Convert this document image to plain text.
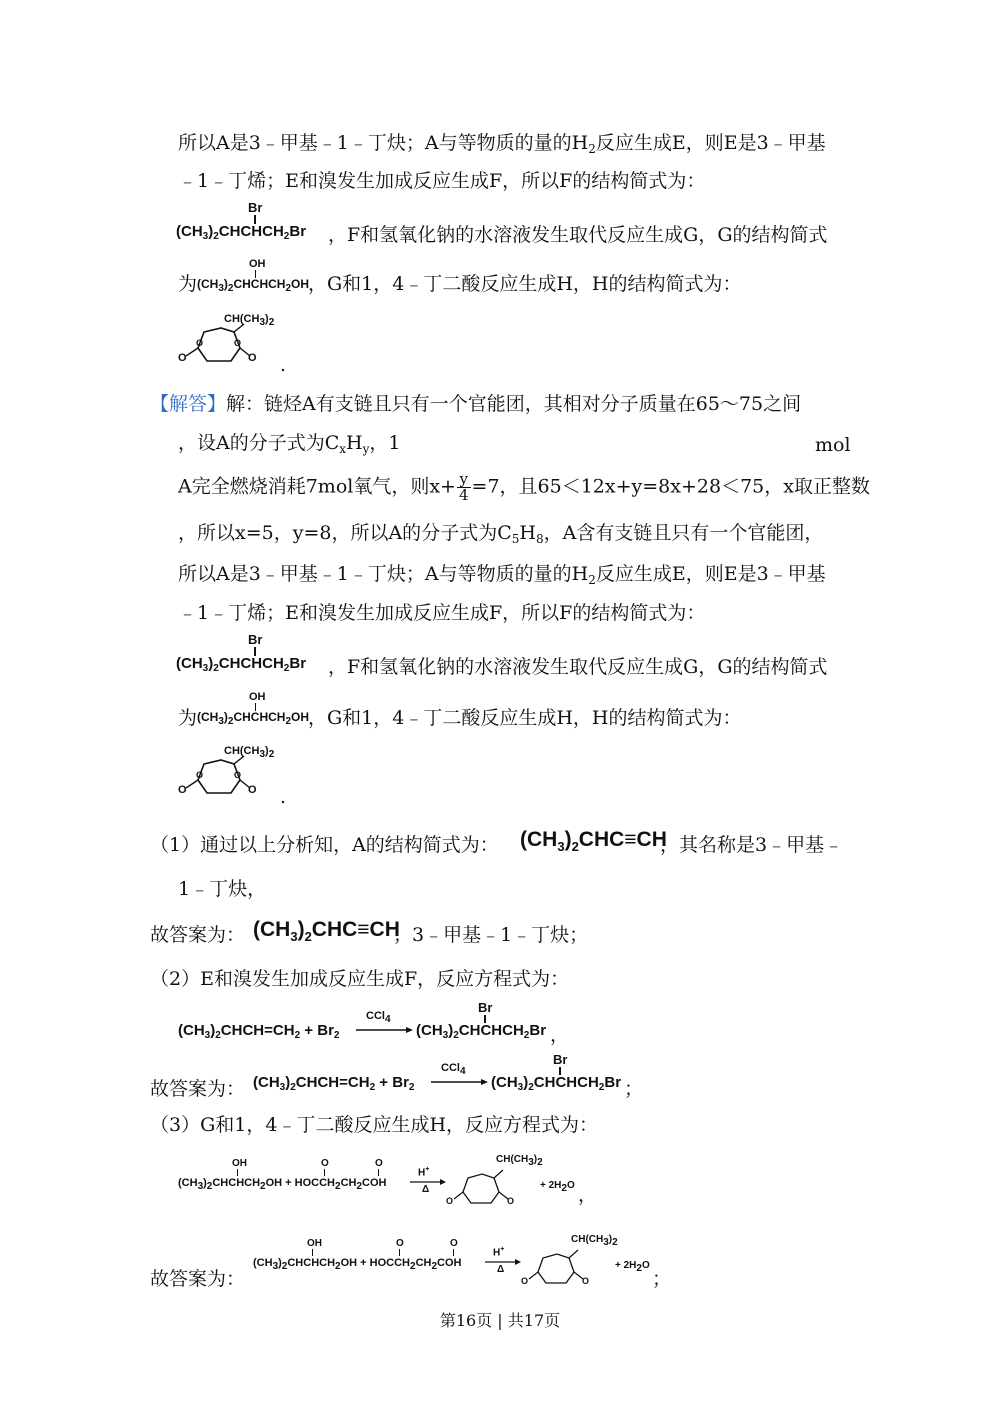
所以A是3﹣甲基﹣1﹣丁炔；A与等物质的量的$H_2$反应生成E，则E是3﹣甲基
﹣1﹣丁烯；E和溴发生加成反应生成F，所以F的结构简式为：
Br
$(CH_3)_2CHCHCH_2Br$ ，F和氢氧化钠的水溶液发生取代反应生成G，G的结构简式
为
OH
$(CH_3)_2CHCHCH_2OH$
，G和1，4﹣丁二酸反应生成H，H的结构简式为：
$CH(CH_3)_2$
O	O
O	O
.
【解答】解：链烃A有支链且只有一个官能团，其相对分子质量在65～75之间
，设A的分子式为$C_xH_y$，1	mol
A完全燃烧消耗7mol氧气，则$x+ \frac{y}{4} =7$，且65＜12x+y=8x+28＜75，x取正整数
，所以x=5，y=8，所以A的分子式为$C_5H_8$，A含有支链且只有一个官能团，
所以A是3﹣甲基﹣1﹣丁炔；A与等物质的量的$H_2$反应生成E，则E是3﹣甲基
﹣1﹣丁烯；E和溴发生加成反应生成F，所以F的结构简式为：
Br
$(CH_3)_2CHCHCH_2Br$ ，F和氢氧化钠的水溶液发生取代反应生成G，G的结构简式
为
OH
$(CH_3)_2CHCHCH_2OH$
，G和1，4﹣丁二酸反应生成H，H的结构简式为：
$CH(CH_3)_2$
O	O
O	O
.
（1）通过以上分析知，A的结构简式为： $(CH_3)_2CHC\equiv CH$
，其名称是3﹣甲基﹣
1﹣丁炔，
故答案为： $(CH_3)_2CHC\equiv CH$
；3﹣甲基﹣1﹣丁炔；
（2）E和溴发生加成反应生成F，反应方程式为：
$(CH_3)_2CHCH=CH_2 + Br_2$
CCl$_4$
Br
$(CH_3)_2CHCHCH_2Br$ ，
故答案为： $(CH_3)_2CHCH=CH_2 + Br_2$
CCl$_4$
Br
$(CH_3)_2CHCHCH_2Br$ ；
（3）G和1，4﹣丁二酸反应生成H，反应方程式为：
OH
$(CH_3)_2CHCHCH_2OH$ + $HOCCH_2CH_2COH$
O	O
H+
Δ
$CH(CH_3)_2$
O	O
+ $2H_2O$ ，
故答案为：
OH
$(CH_3)_2CHCHCH_2OH$ + $HOCCH_2CH_2COH$
O	O
H+
Δ
$CH(CH_3)_2$
O	O
+ $2H_2O$
；
第16页 | 共17页
